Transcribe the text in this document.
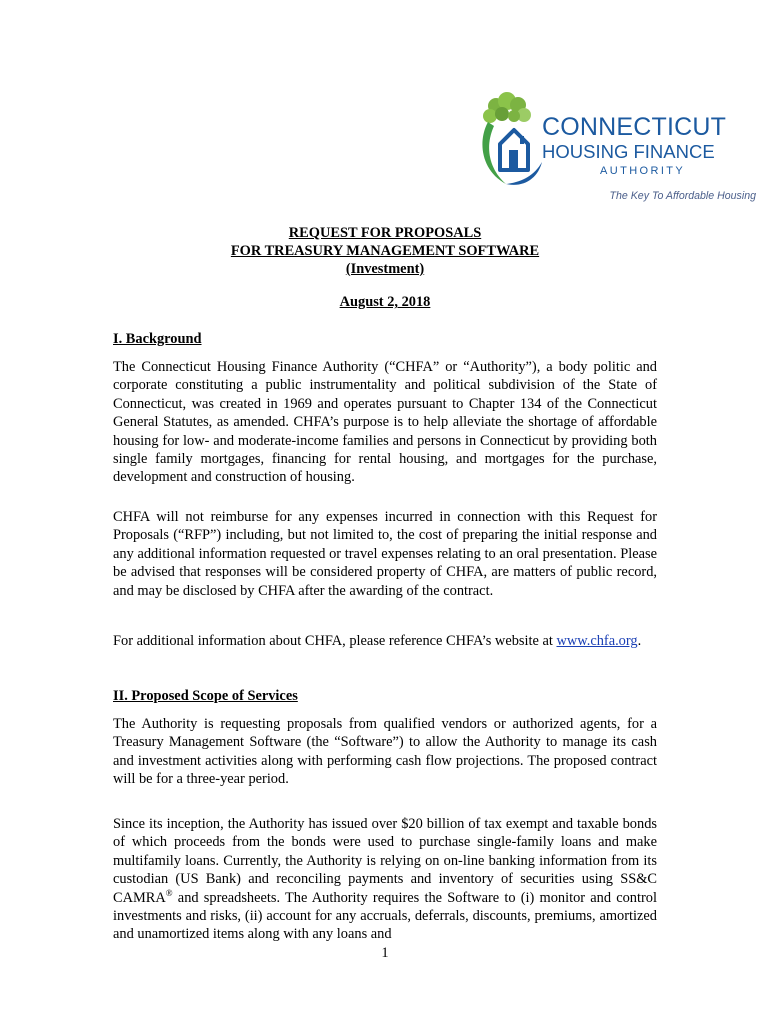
CONNECTICUT
HOUSING FINANCE
AUTHORITY
The Key To Affordable Housing
REQUEST FOR PROPOSALS
FOR TREASURY MANAGEMENT SOFTWARE
(Investment)
August 2, 2018
I. Background

The Connecticut Housing Finance Authority (“CHFA” or “Authority”), a body politic and corporate constituting a public instrumentality and political subdivision of the State of Connecticut, was created in 1969 and operates pursuant to Chapter 134 of the Connecticut General Statutes, as amended. CHFA’s purpose is to help alleviate the shortage of affordable housing for low- and moderate-income families and persons in Connecticut by providing both single family mortgages, financing for rental housing, and mortgages for the purchase, development and construction of housing.

CHFA will not reimburse for any expenses incurred in connection with this Request for Proposals (“RFP”) including, but not limited to, the cost of preparing the initial response and any additional information requested or travel expenses relating to an oral presentation. Please be advised that responses will be considered property of CHFA, are matters of public record, and may be disclosed by CHFA after the awarding of the contract.

For additional information about CHFA, please reference CHFA’s website at www.chfa.org.

II. Proposed Scope of Services

The Authority is requesting proposals from qualified vendors or authorized agents, for a Treasury Management Software (the “Software”) to allow the Authority to manage its cash and investment activities along with performing cash flow projections. The proposed contract will be for a three-year period.

Since its inception, the Authority has issued over $20 billion of tax exempt and taxable bonds of which proceeds from the bonds were used to purchase single-family loans and make multifamily loans. Currently, the Authority is relying on on-line banking information from its custodian (US Bank) and reconciling payments and inventory of securities using SS&C CAMRA® and spreadsheets. The Authority requires the Software to (i) monitor and control investments and risks, (ii) account for any accruals, deferrals, discounts, premiums, amortized and unamortized items along with any loans and

1
